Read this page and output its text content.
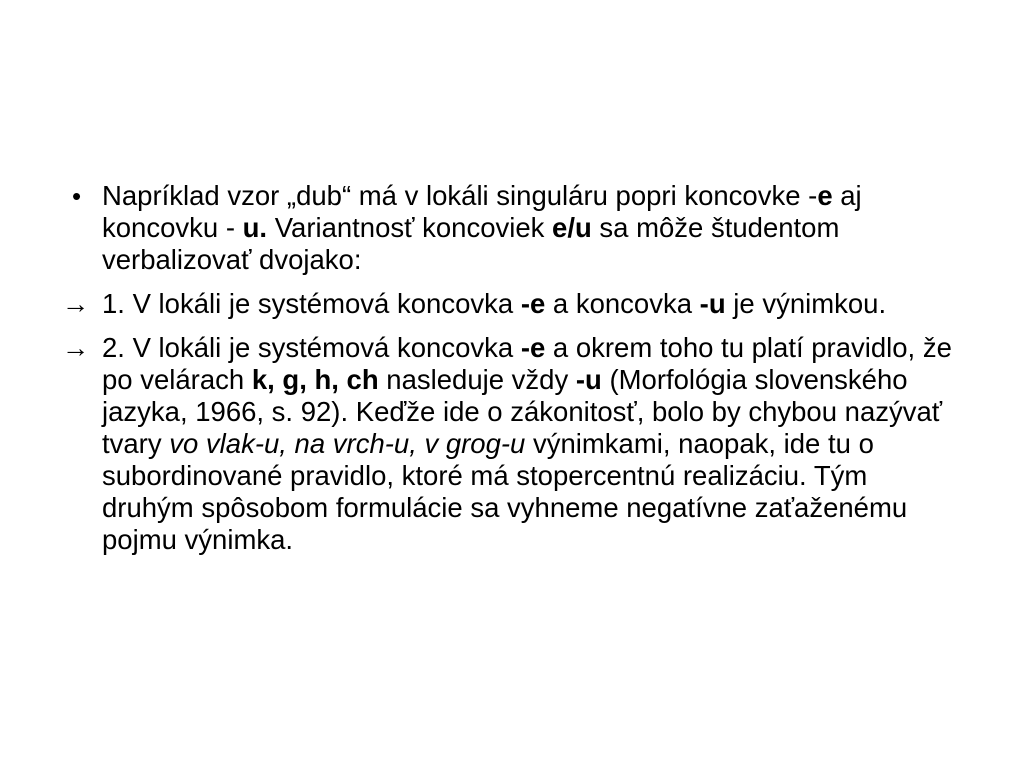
• Napríklad vzor „dub“ má v lokáli singuláru popri koncovke -e aj koncovku - u. Variantnosť koncoviek e/u sa môže študentom verbalizovať dvojako:
→ 1. V lokáli je systémová koncovka -e a koncovka -u je výnimkou.
→ 2. V lokáli je systémová koncovka -e a okrem toho tu platí pravidlo, že po velárach k, g, h, ch nasleduje vždy -u (Morfológia slovenského jazyka, 1966, s. 92). Keďže ide o zákonitosť, bolo by chybou nazývať tvary vo vlak-u, na vrch-u, v grog-u výnimkami, naopak, ide tu o subordinované pravidlo, ktoré má stopercentnú realizáciu. Tým druhým spôsobom formulácie sa vyhneme negatívne zaťaženému pojmu výnimka.
